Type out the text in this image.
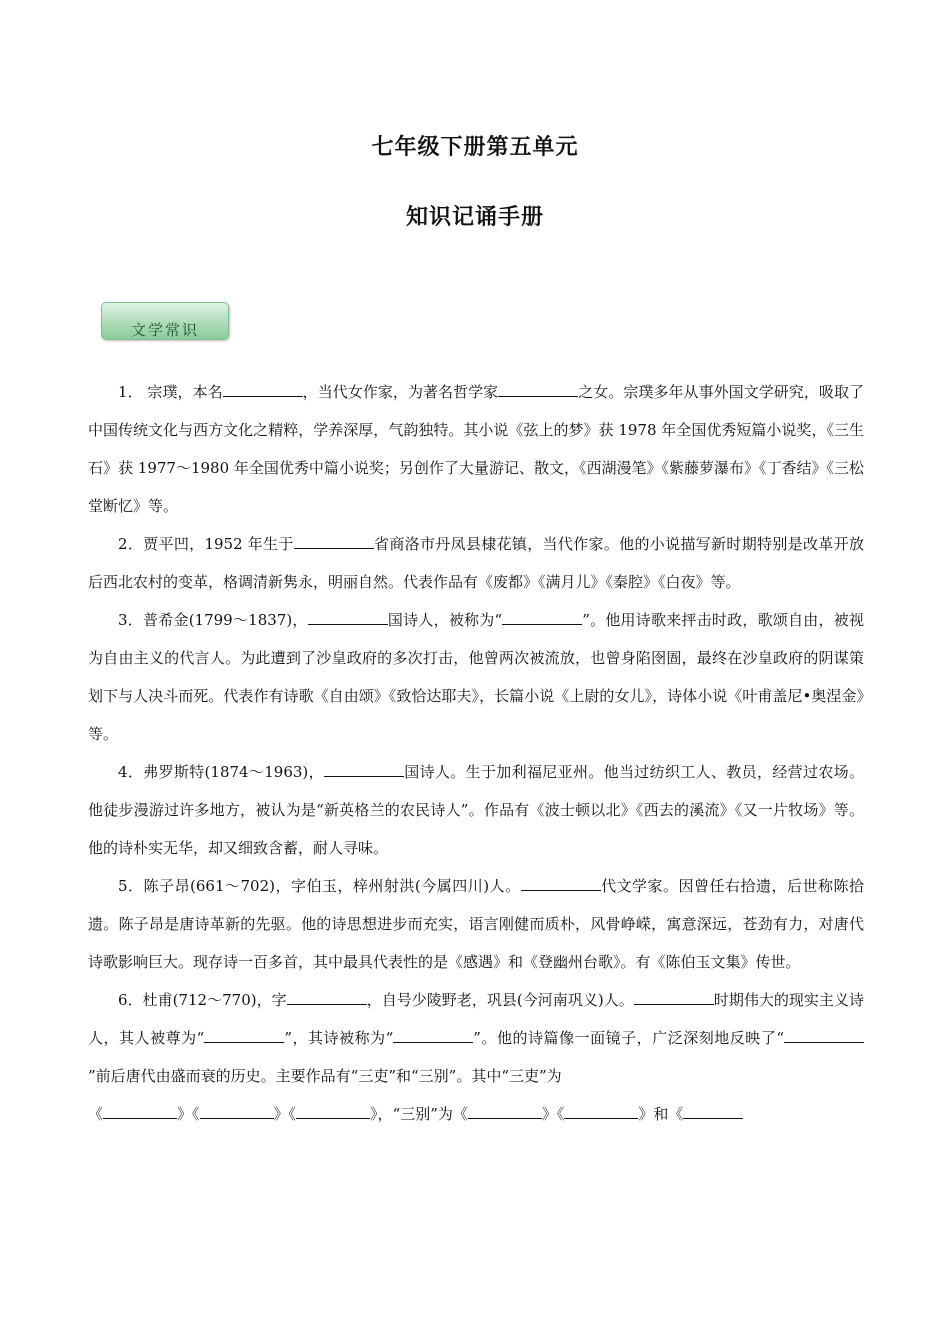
七年级下册第五单元
知识记诵手册
文学常识

1． 宗璞，本名	，当代女作家，为著名哲学家	之女。宗璞多年从事外国文学研究，吸取了中国传统文化与西方文化之精粹，学养深厚，气韵独特。其小说《弦上的梦》获 1978 年全国优秀短篇小说奖，《三生石》获 1977～1980 年全国优秀中篇小说奖；另创作了大量游记、散文，《西湖漫笔》《紫藤萝瀑布》《丁香结》《三松堂断忆》等。

2．贾平凹，1952 年生于	省商洛市丹凤县棣花镇，当代作家。他的小说描写新时期特别是改革开放后西北农村的变革，格调清新隽永，明丽自然。代表作品有《废都》《满月儿》《秦腔》《白夜》等。

3．普希金(1799～1837)，	国诗人，被称为“	”。他用诗歌来抨击时政，歌颂自由，被视为自由主义的代言人。为此遭到了沙皇政府的多次打击，他曾两次被流放，也曾身陷囹圄，最终在沙皇政府的阴谋策划下与人决斗而死。代表作有诗歌《自由颂》《致恰达耶夫》，长篇小说《上尉的女儿》，诗体小说《叶甫盖尼•奥涅金》等。

4．弗罗斯特(1874～1963)，	国诗人。生于加利福尼亚州。他当过纺织工人、教员，经营过农场。他徒步漫游过许多地方，被认为是“新英格兰的农民诗人”。作品有《波士顿以北》《西去的溪流》《又一片牧场》等。他的诗朴实无华，却又细致含蓄，耐人寻味。

5．陈子昂(661～702)，字伯玉，梓州射洪(今属四川)人。	代文学家。因曾任右拾遗，后世称陈拾遗。陈子昂是唐诗革新的先驱。他的诗思想进步而充实，语言刚健而质朴，风骨峥嵘，寓意深远，苍劲有力，对唐代诗歌影响巨大。现存诗一百多首，其中最具代表性的是《感遇》和《登幽州台歌》。有《陈伯玉文集》传世。

6．杜甫(712～770)，字	，自号少陵野老，巩县(今河南巩义)人。	时期伟大的现实主义诗人，其人被尊为“	”，其诗被称为“	”。他的诗篇像一面镜子，广泛深刻地反映了“”前后唐代由盛而衰的历史。主要作品有“三吏”和“三别”。其中“三吏”为

《	》《	》《	》，“三别”为《	》《	》和《
